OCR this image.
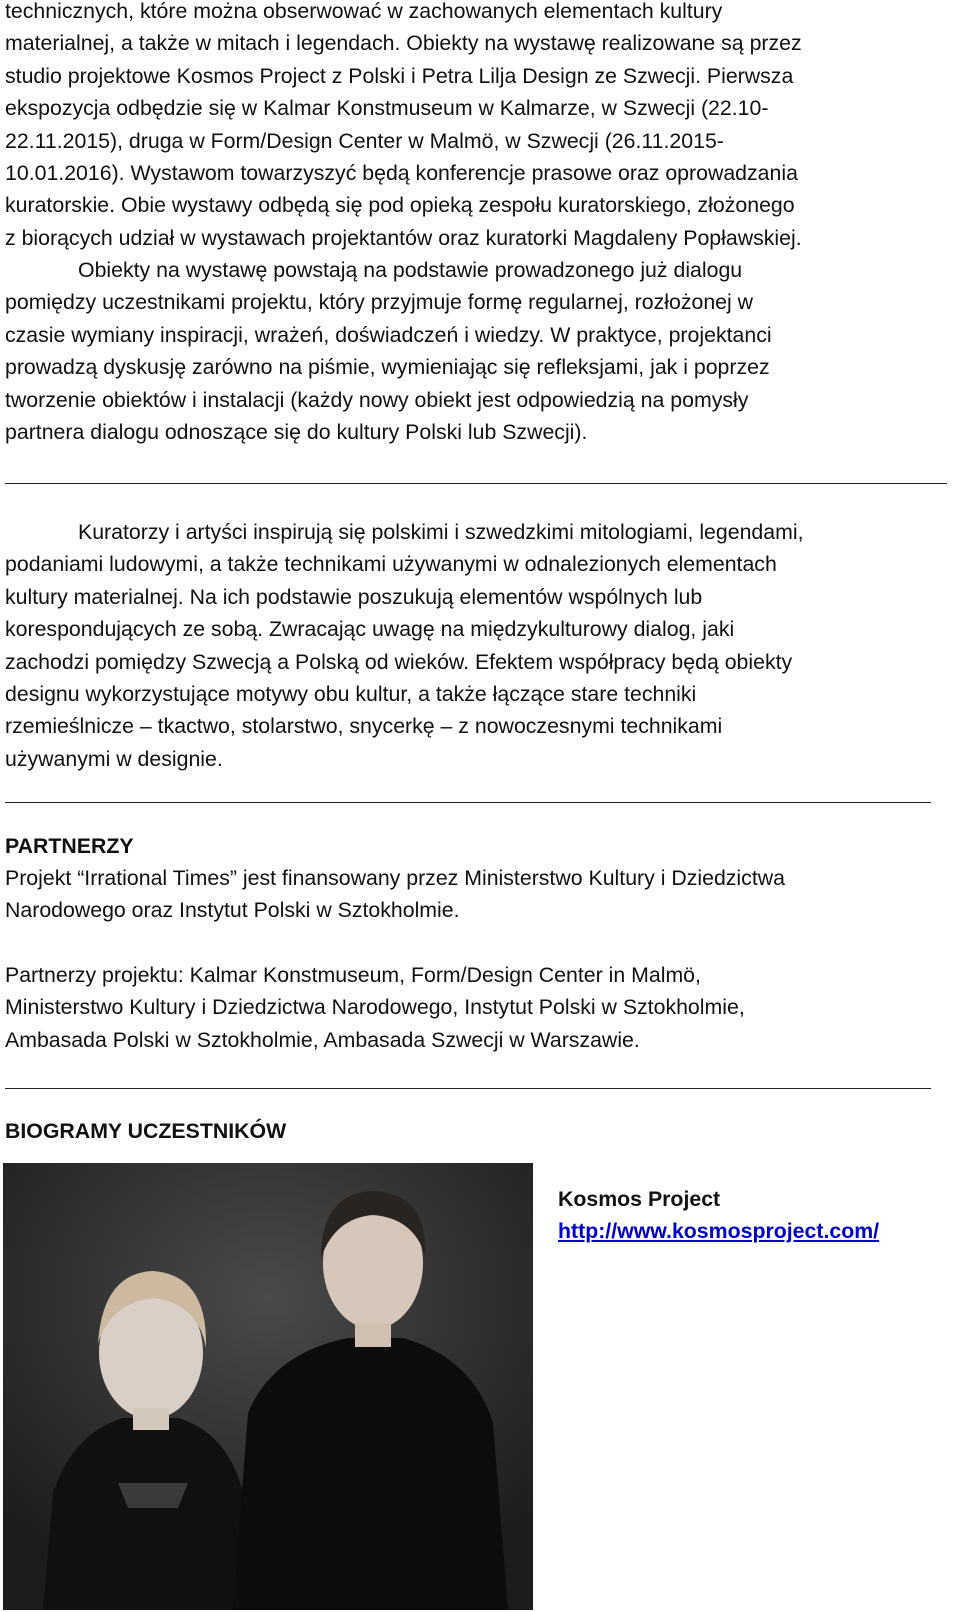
technicznych, które można obserwować w zachowanych elementach kultury
materialnej, a także w mitach i legendach. Obiekty na wystawę realizowane są przez
studio projektowe Kosmos Project z Polski i Petra Lilja Design ze Szwecji. Pierwsza
ekspozycja odbędzie się w Kalmar Konstmuseum w Kalmarze, w Szwecji (22.10-
22.11.2015), druga w Form/Design Center w Malmö, w Szwecji (26.11.2015-
10.01.2016). Wystawom towarzyszyć będą konferencje prasowe oraz oprowadzania
kuratorskie. Obie wystawy odbędą się pod opieką zespołu kuratorskiego, złożonego
z biorących udział w wystawach projektantów oraz kuratorki Magdaleny Popławskiej.

Obiekty na wystawę powstają na podstawie prowadzonego już dialogu
pomiędzy uczestnikami projektu, który przyjmuje formę regularnej, rozłożonej w
czasie wymiany inspiracji, wrażeń, doświadczeń i wiedzy. W praktyce, projektanci
prowadzą dyskusję zarówno na piśmie, wymieniając się refleksjami, jak i poprzez
tworzenie obiektów i instalacji (każdy nowy obiekt jest odpowiedzią na pomysły
partnera dialogu odnoszące się do kultury Polski lub Szwecji).

Kuratorzy i artyści inspirują się polskimi i szwedzkimi mitologiami, legendami,
podaniami ludowymi, a także technikami używanymi w odnalezionych elementach
kultury materialnej. Na ich podstawie poszukują elementów wspólnych lub
korespondujących ze sobą. Zwracając uwagę na międzykulturowy dialog, jaki
zachodzi pomiędzy Szwecją a Polską od wieków. Efektem współpracy będą obiekty
designu wykorzystujące motywy obu kultur, a także łączące stare techniki
rzemieślnicze – tkactwo, stolarstwo, snycerkę – z nowoczesnymi technikami
używanymi w designie.

PARTNERZY

Projekt “Irrational Times” jest finansowany przez Ministerstwo Kultury i Dziedzictwa
Narodowego oraz Instytut Polski w Sztokholmie.

Partnerzy projektu: Kalmar Konstmuseum, Form/Design Center in Malmö,
Ministerstwo Kultury i Dziedzictwa Narodowego, Instytut Polski w Sztokholmie,
Ambasada Polski w Sztokholmie, Ambasada Szwecji w Warszawie.

BIOGRAMY UCZESTNIKÓW
Kosmos Project
http://www.kosmosproject.com/
